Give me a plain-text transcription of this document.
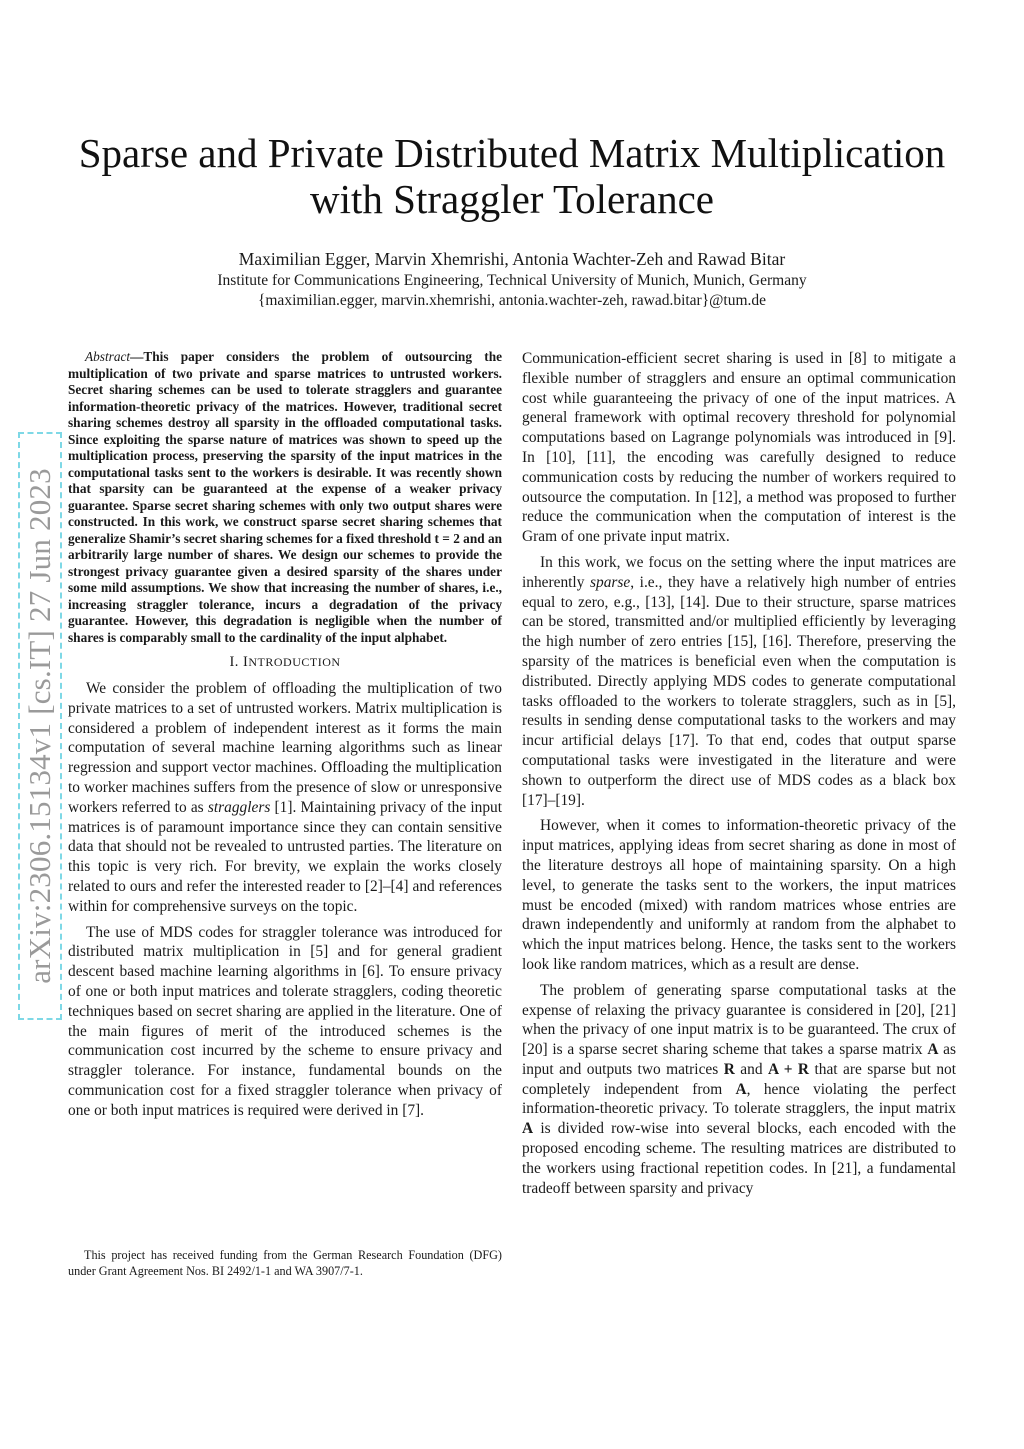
arXiv:2306.15134v1 [cs.IT] 27 Jun 2023
Sparse and Private Distributed Matrix Multiplication
with Straggler Tolerance
Maximilian Egger, Marvin Xhemrishi, Antonia Wachter-Zeh and Rawad Bitar
Institute for Communications Engineering, Technical University of Munich, Munich, Germany
{maximilian.egger, marvin.xhemrishi, antonia.wachter-zeh, rawad.bitar}@tum.de

Abstract—This paper considers the problem of outsourcing the multiplication of two private and sparse matrices to untrusted workers. Secret sharing schemes can be used to tolerate stragglers and guarantee information-theoretic privacy of the matrices. However, traditional secret sharing schemes destroy all sparsity in the offloaded computational tasks. Since exploiting the sparse nature of matrices was shown to speed up the multiplication process, preserving the sparsity of the input matrices in the computational tasks sent to the workers is desirable. It was recently shown that sparsity can be guaranteed at the expense of a weaker privacy guarantee. Sparse secret sharing schemes with only two output shares were constructed. In this work, we construct sparse secret sharing schemes that generalize Shamir’s secret sharing schemes for a fixed threshold t = 2 and an arbitrarily large number of shares. We design our schemes to provide the strongest privacy guarantee given a desired sparsity of the shares under some mild assumptions. We show that increasing the number of shares, i.e., increasing straggler tolerance, incurs a degradation of the privacy guarantee. However, this degradation is negligible when the number of shares is comparably small to the cardinality of the input alphabet.

I. INTRODUCTION

We consider the problem of offloading the multiplication of two private matrices to a set of untrusted workers. Matrix multiplication is considered a problem of independent interest as it forms the main computation of several machine learning algorithms such as linear regression and support vector machines. Offloading the multiplication to worker machines suffers from the presence of slow or unresponsive workers referred to as stragglers [1]. Maintaining privacy of the input matrices is of paramount importance since they can contain sensitive data that should not be revealed to untrusted parties. The literature on this topic is very rich. For brevity, we explain the works closely related to ours and refer the interested reader to [2]–[4] and references within for comprehensive surveys on the topic.

The use of MDS codes for straggler tolerance was introduced for distributed matrix multiplication in [5] and for general gradient descent based machine learning algorithms in [6]. To ensure privacy of one or both input matrices and tolerate stragglers, coding theoretic techniques based on secret sharing are applied in the literature. One of the main figures of merit of the introduced schemes is the communication cost incurred by the scheme to ensure privacy and straggler tolerance. For instance, fundamental bounds on the communication cost for a fixed straggler tolerance when privacy of one or both input matrices is required were derived in [7].

This project has received funding from the German Research Foundation (DFG) under Grant Agreement Nos. BI 2492/1-1 and WA 3907/7-1.

Communication-efficient secret sharing is used in [8] to mitigate a flexible number of stragglers and ensure an optimal communication cost while guaranteeing the privacy of one of the input matrices. A general framework with optimal recovery threshold for polynomial computations based on Lagrange polynomials was introduced in [9]. In [10], [11], the encoding was carefully designed to reduce communication costs by reducing the number of workers required to outsource the computation. In [12], a method was proposed to further reduce the communication when the computation of interest is the Gram of one private input matrix.

In this work, we focus on the setting where the input matrices are inherently sparse, i.e., they have a relatively high number of entries equal to zero, e.g., [13], [14]. Due to their structure, sparse matrices can be stored, transmitted and/or multiplied efficiently by leveraging the high number of zero entries [15], [16]. Therefore, preserving the sparsity of the matrices is beneficial even when the computation is distributed. Directly applying MDS codes to generate computational tasks offloaded to the workers to tolerate stragglers, such as in [5], results in sending dense computational tasks to the workers and may incur artificial delays [17]. To that end, codes that output sparse computational tasks were investigated in the literature and were shown to outperform the direct use of MDS codes as a black box [17]–[19].

However, when it comes to information-theoretic privacy of the input matrices, applying ideas from secret sharing as done in most of the literature destroys all hope of maintaining sparsity. On a high level, to generate the tasks sent to the workers, the input matrices must be encoded (mixed) with random matrices whose entries are drawn independently and uniformly at random from the alphabet to which the input matrices belong. Hence, the tasks sent to the workers look like random matrices, which as a result are dense.

The problem of generating sparse computational tasks at the expense of relaxing the privacy guarantee is considered in [20], [21] when the privacy of one input matrix is to be guaranteed. The crux of [20] is a sparse secret sharing scheme that takes a sparse matrix A as input and outputs two matrices R and A + R that are sparse but not completely independent from A, hence violating the perfect information-theoretic privacy. To tolerate stragglers, the input matrix A is divided row-wise into several blocks, each encoded with the proposed encoding scheme. The resulting matrices are distributed to the workers using fractional repetition codes. In [21], a fundamental tradeoff between sparsity and privacy
